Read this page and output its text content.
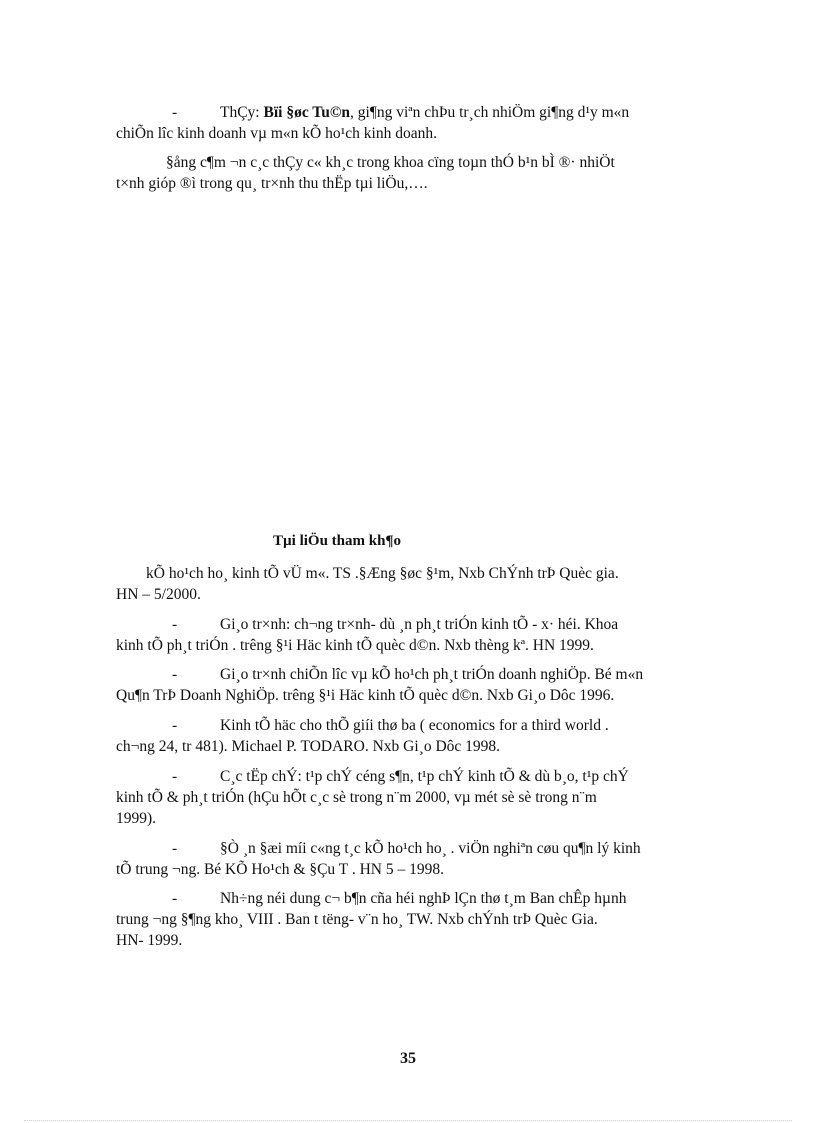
-	ThÇy: Bïi §øc Tu©n, gi¶ng viªn chÞu tr¸ch nhiÖm gi¶ng d¹y m«n
chiÕn lîc kinh doanh vµ m«n kÕ ho¹ch kinh doanh.

§ång c¶m ¬n c¸c thÇy c« kh¸c trong khoa cïng toµn thÓ b¹n bÌ ®· nhiÖt
t×nh gióp ®ì trong qu¸ tr×nh thu thËp tµi liÖu,….

Tµi liÖu tham kh¶o

kÕ ho¹ch ho¸ kinh tÕ vÜ m«. TS .§Æng §øc §¹m, Nxb ChÝnh trÞ Quèc gia.
HN – 5/2000.

-	Gi¸o tr×nh: ch¬ng tr×nh- dù ¸n ph¸t triÓn kinh tÕ - x· héi. Khoa
kinh tÕ ph¸t triÓn . trêng §¹i Häc kinh tÕ quèc d©n. Nxb thèng kª. HN 1999.

-	Gi¸o tr×nh chiÕn lîc vµ kÕ ho¹ch ph¸t triÓn doanh nghiÖp. Bé m«n
Qu¶n TrÞ Doanh NghiÖp. trêng §¹i Häc kinh tÕ quèc d©n. Nxb Gi¸o Dôc 1996.

-	Kinh tÕ häc cho thÕ giíi thø ba ( economics for a third world .
ch¬ng 24, tr 481). Michael P. TODARO. Nxb Gi¸o Dôc 1998.

-	C¸c tËp chÝ: t¹p chÝ céng s¶n, t¹p chÝ kinh tÕ & dù b¸o, t¹p chÝ
kinh tÕ & ph¸t triÓn (hÇu hÕt c¸c sè trong n¨m 2000, vµ mét sè sè trong n¨m
1999).

-	§Ò ¸n §æi míi c«ng t¸c kÕ ho¹ch ho¸ . viÖn nghiªn cøu qu¶n lý kinh
tÕ trung ¬ng. Bé KÕ Ho¹ch & §Çu T . HN 5 – 1998.

-	Nh÷ng néi dung c¬ b¶n cña héi nghÞ lÇn thø t¸m Ban chÊp hµnh
trung ¬ng §¶ng kho¸ VIII . Ban t tëng- v¨n ho¸ TW. Nxb chÝnh trÞ Quèc Gia.
HN- 1999.

35
